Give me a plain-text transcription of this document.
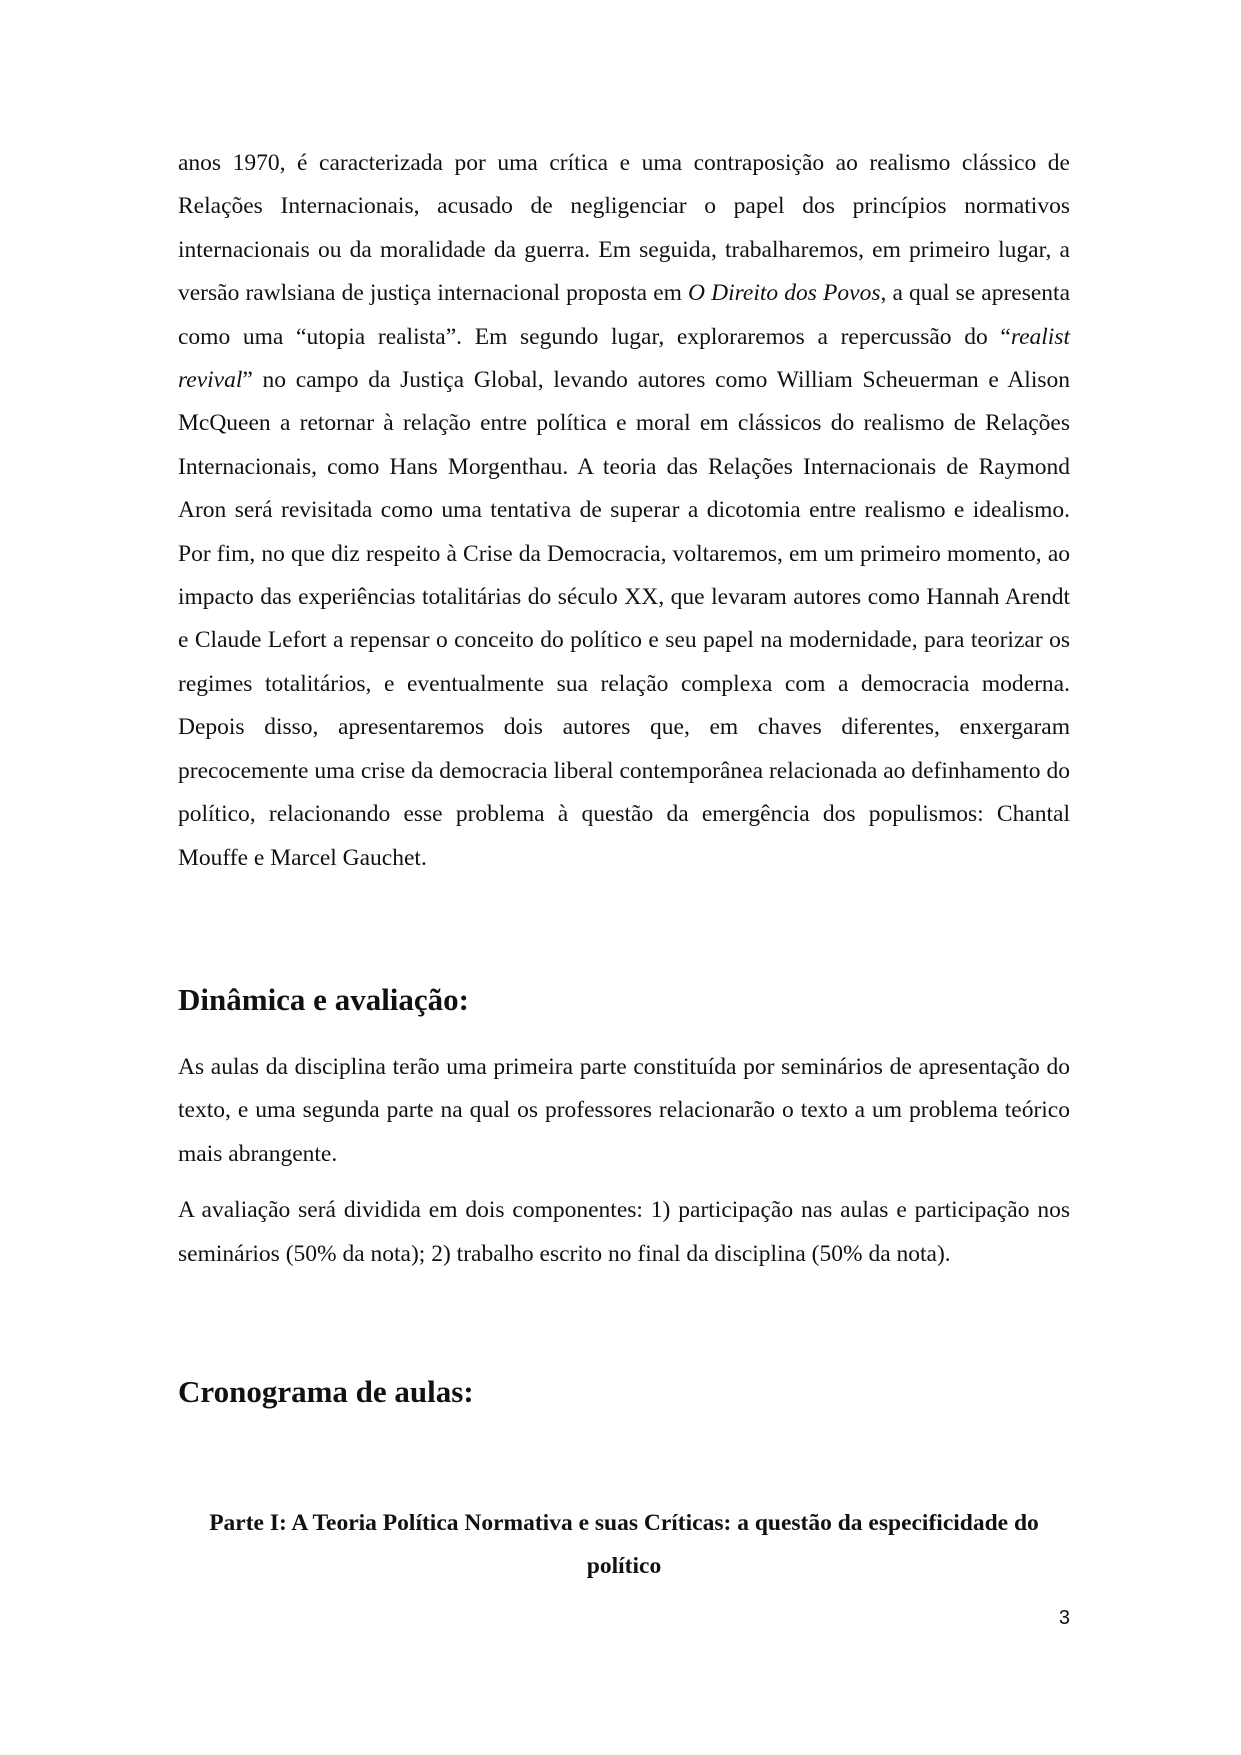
anos 1970, é caracterizada por uma crítica e uma contraposição ao realismo clássico de Relações Internacionais, acusado de negligenciar o papel dos princípios normativos internacionais ou da moralidade da guerra. Em seguida, trabalharemos, em primeiro lugar, a versão rawlsiana de justiça internacional proposta em O Direito dos Povos, a qual se apresenta como uma “utopia realista”. Em segundo lugar, exploraremos a repercussão do “realist revival” no campo da Justiça Global, levando autores como William Scheuerman e Alison McQueen a retornar à relação entre política e moral em clássicos do realismo de Relações Internacionais, como Hans Morgenthau. A teoria das Relações Internacionais de Raymond Aron será revisitada como uma tentativa de superar a dicotomia entre realismo e idealismo. Por fim, no que diz respeito à Crise da Democracia, voltaremos, em um primeiro momento, ao impacto das experiências totalitárias do século XX, que levaram autores como Hannah Arendt e Claude Lefort a repensar o conceito do político e seu papel na modernidade, para teorizar os regimes totalitários, e eventualmente sua relação complexa com a democracia moderna. Depois disso, apresentaremos dois autores que, em chaves diferentes, enxergaram precocemente uma crise da democracia liberal contemporânea relacionada ao definhamento do político, relacionando esse problema à questão da emergência dos populismos: Chantal Mouffe e Marcel Gauchet.

Dinâmica e avaliação:

As aulas da disciplina terão uma primeira parte constituída por seminários de apresentação do texto, e uma segunda parte na qual os professores relacionarão o texto a um problema teórico mais abrangente.

A avaliação será dividida em dois componentes: 1) participação nas aulas e participação nos seminários (50% da nota); 2) trabalho escrito no final da disciplina (50% da nota).

Cronograma de aulas:
Parte I: A Teoria Política Normativa e suas Críticas: a questão da especificidade do político
3
